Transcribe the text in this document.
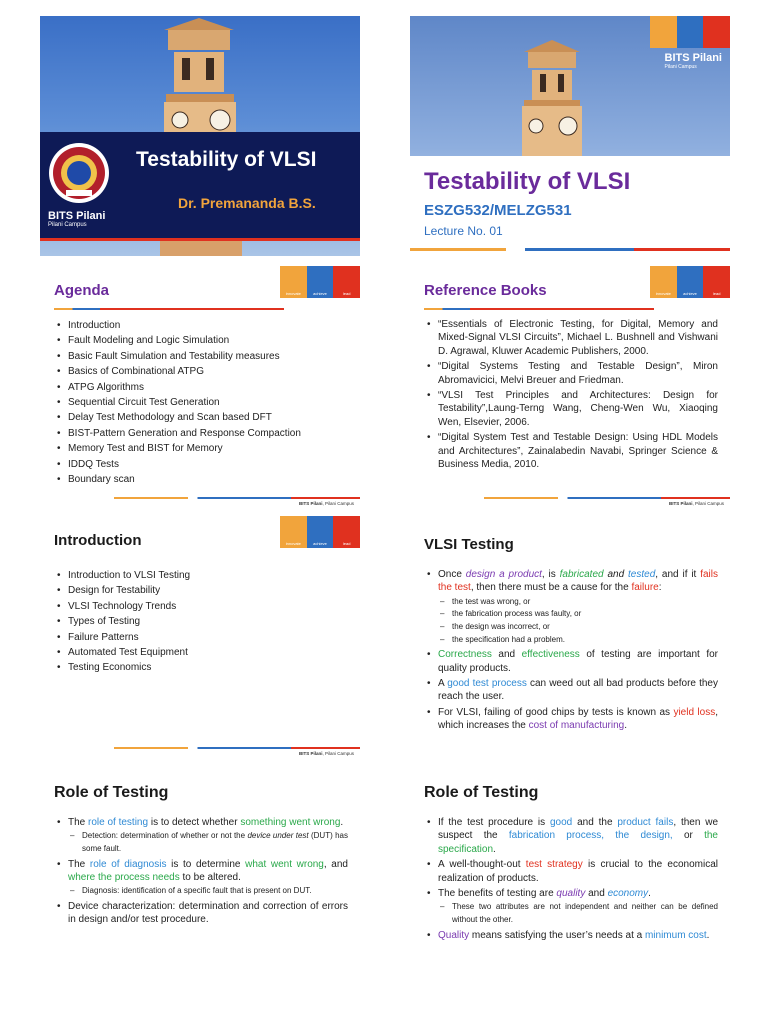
BITS Pilani
Pilani Campus
Testability of VLSI
Dr. Premananda B.S.
BITS Pilani
Pilani Campus
Testability of VLSI
ESZG532/MELZG531
Lecture No. 01
innovate	achieve	lead
Agenda
• Introduction
• Fault Modeling and Logic Simulation
• Basic Fault Simulation and Testability measures
• Basics of Combinational ATPG
• ATPG Algorithms
• Sequential Circuit Test Generation
• Delay Test Methodology and Scan based DFT
• BIST-Pattern Generation and Response Compaction
• Memory Test and BIST for Memory
• IDDQ Tests
• Boundary scan
BITS Pilani, Pilani Campus
innovate	achieve	lead
Reference Books
• “Essentials of Electronic Testing, for Digital, Memory and Mixed-Signal VLSI Circuits”, Michael L. Bushnell and Vishwani D. Agrawal, Kluwer Academic Publishers, 2000.
• “Digital Systems Testing and Testable Design”, Miron Abromavicici, Melvi Breuer and Friedman.
• “VLSI Test Principles and Architectures: Design for Testability”,Laung-Terng Wang, Cheng-Wen Wu, Xiaoqing Wen, Elsevier, 2006.
• “Digital System Test and Testable Design: Using HDL Models and Architectures”, Zainalabedin Navabi, Springer Science & Business Media, 2010.
BITS Pilani, Pilani Campus
innovate	achieve	lead
Introduction
• Introduction to VLSI Testing
• Design for Testability
• VLSI Technology Trends
• Types of Testing
• Failure Patterns
• Automated Test Equipment
• Testing Economics
BITS Pilani, Pilani Campus
VLSI Testing
• Once design a product, is fabricated and tested, and if it fails the test, then there must be a cause for the failure:
– the test was wrong, or
– the fabrication process was faulty, or
– the design was incorrect, or
– the specification had a problem.
• Correctness and effectiveness of testing are important for quality products.
• A good test process can weed out all bad products before they reach the user.
• For VLSI, failing of good chips by tests is known as yield loss, which increases the cost of manufacturing.
Role of Testing
• The role of testing is to detect whether something went wrong.
– Detection: determination of whether or not the device under test (DUT) has some fault.
• The role of diagnosis is to determine what went wrong, and where the process needs to be altered.
– Diagnosis: identification of a specific fault that is present on DUT.
• Device characterization: determination and correction of errors in design and/or test procedure.
Role of Testing
• If the test procedure is good and the product fails, then we suspect the fabrication process, the design, or the specification.
• A well-thought-out test strategy is crucial to the economical realization of products.
• The benefits of testing are quality and economy.
– These two attributes are not independent and neither can be defined without the other.
• Quality means satisfying the user’s needs at a minimum cost.
